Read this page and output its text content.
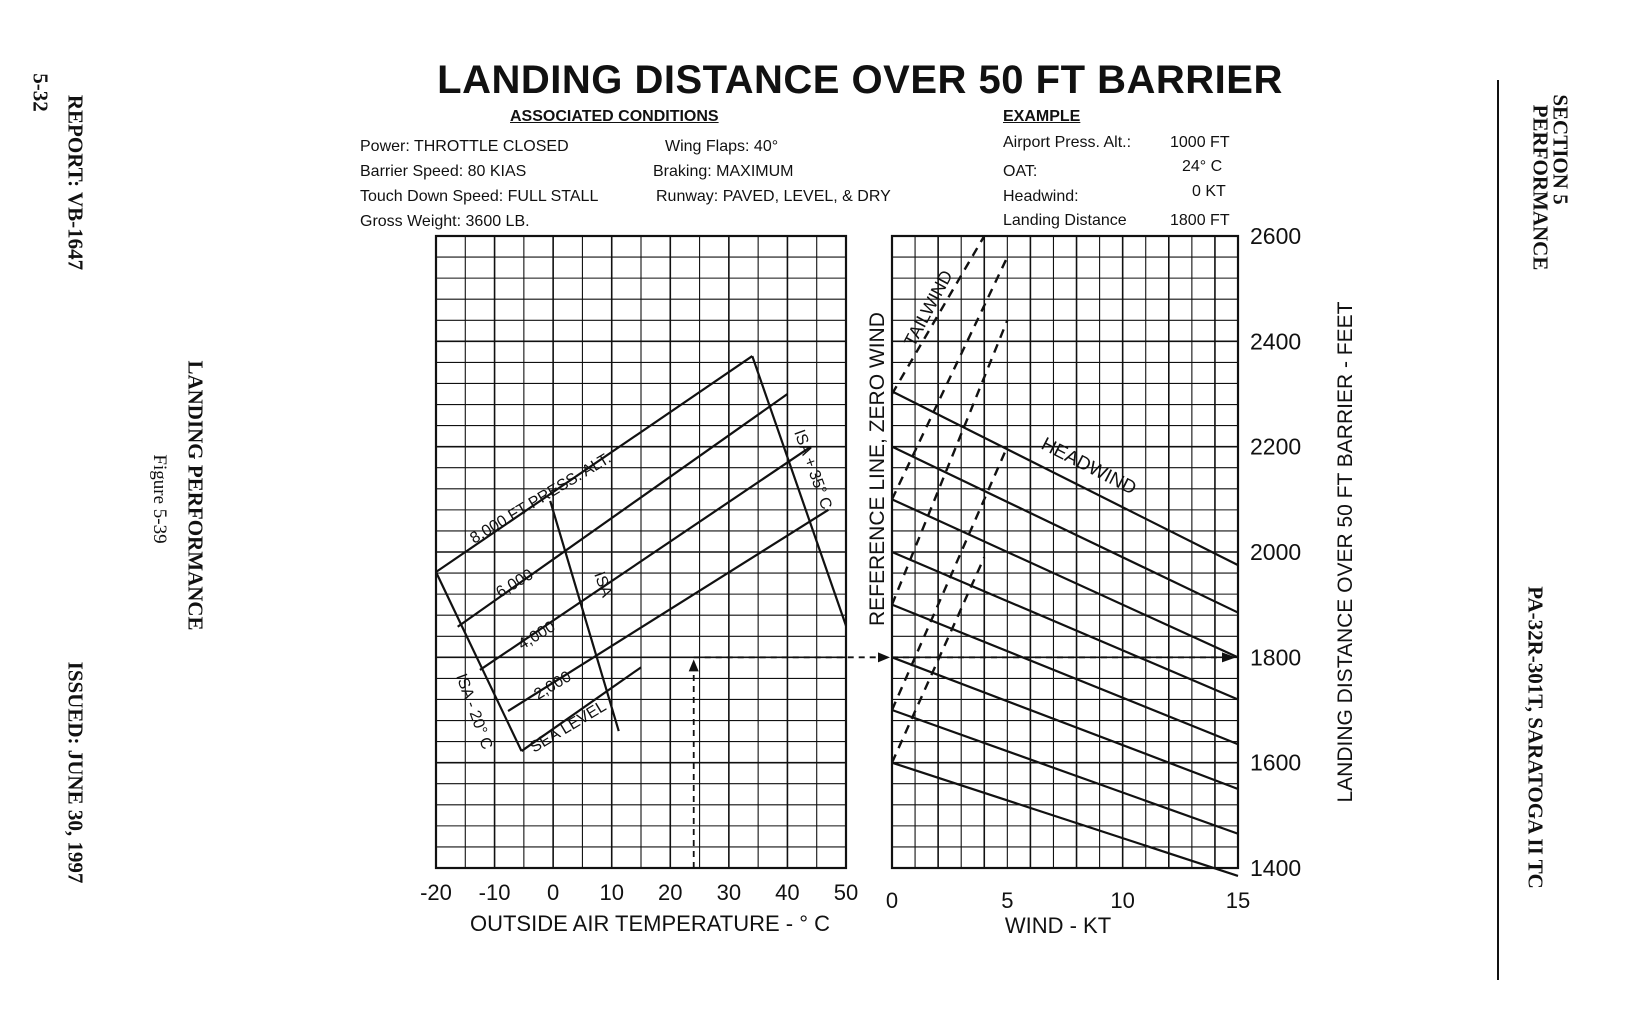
REPORT: VB-1647
5-32
ISSUED: JUNE 30, 1997
LANDING PERFORMANCE
Figure 5-39
SECTION 5
PERFORMANCE
PA-32R-301T, SARATOGA II TC
LANDING DISTANCE OVER 50 FT BARRIER
ASSOCIATED CONDITIONS
Power: THROTTLE CLOSED
Barrier Speed: 80 KIAS
Touch Down Speed: FULL STALL
Gross Weight: 3600 LB.
Wing Flaps: 40°
Braking: MAXIMUM
Runway: PAVED, LEVEL, & DRY
EXAMPLE
Airport Press. Alt.: 1000 FT
OAT:	24° C
Headwind:	0 KT
Landing Distance	1800 FT
-20 -10 0 10 20 30 40 50 0	5	10	15
1400
1600
1800
2000
2200
2400
2600
OUTSIDE AIR TEMPERATURE - ° C	WIND - KT
LANDING DISTANCE OVER 50 FT BARRIER - FEET
8,000 FT PRESS. ALT.
6,000
4,000
2,000
SEA LEVEL
ISA
ISA + 35° C
ISA - 20° C
REFERENCE LINE, ZERO WIND
TAILWIND
HEADWIND
